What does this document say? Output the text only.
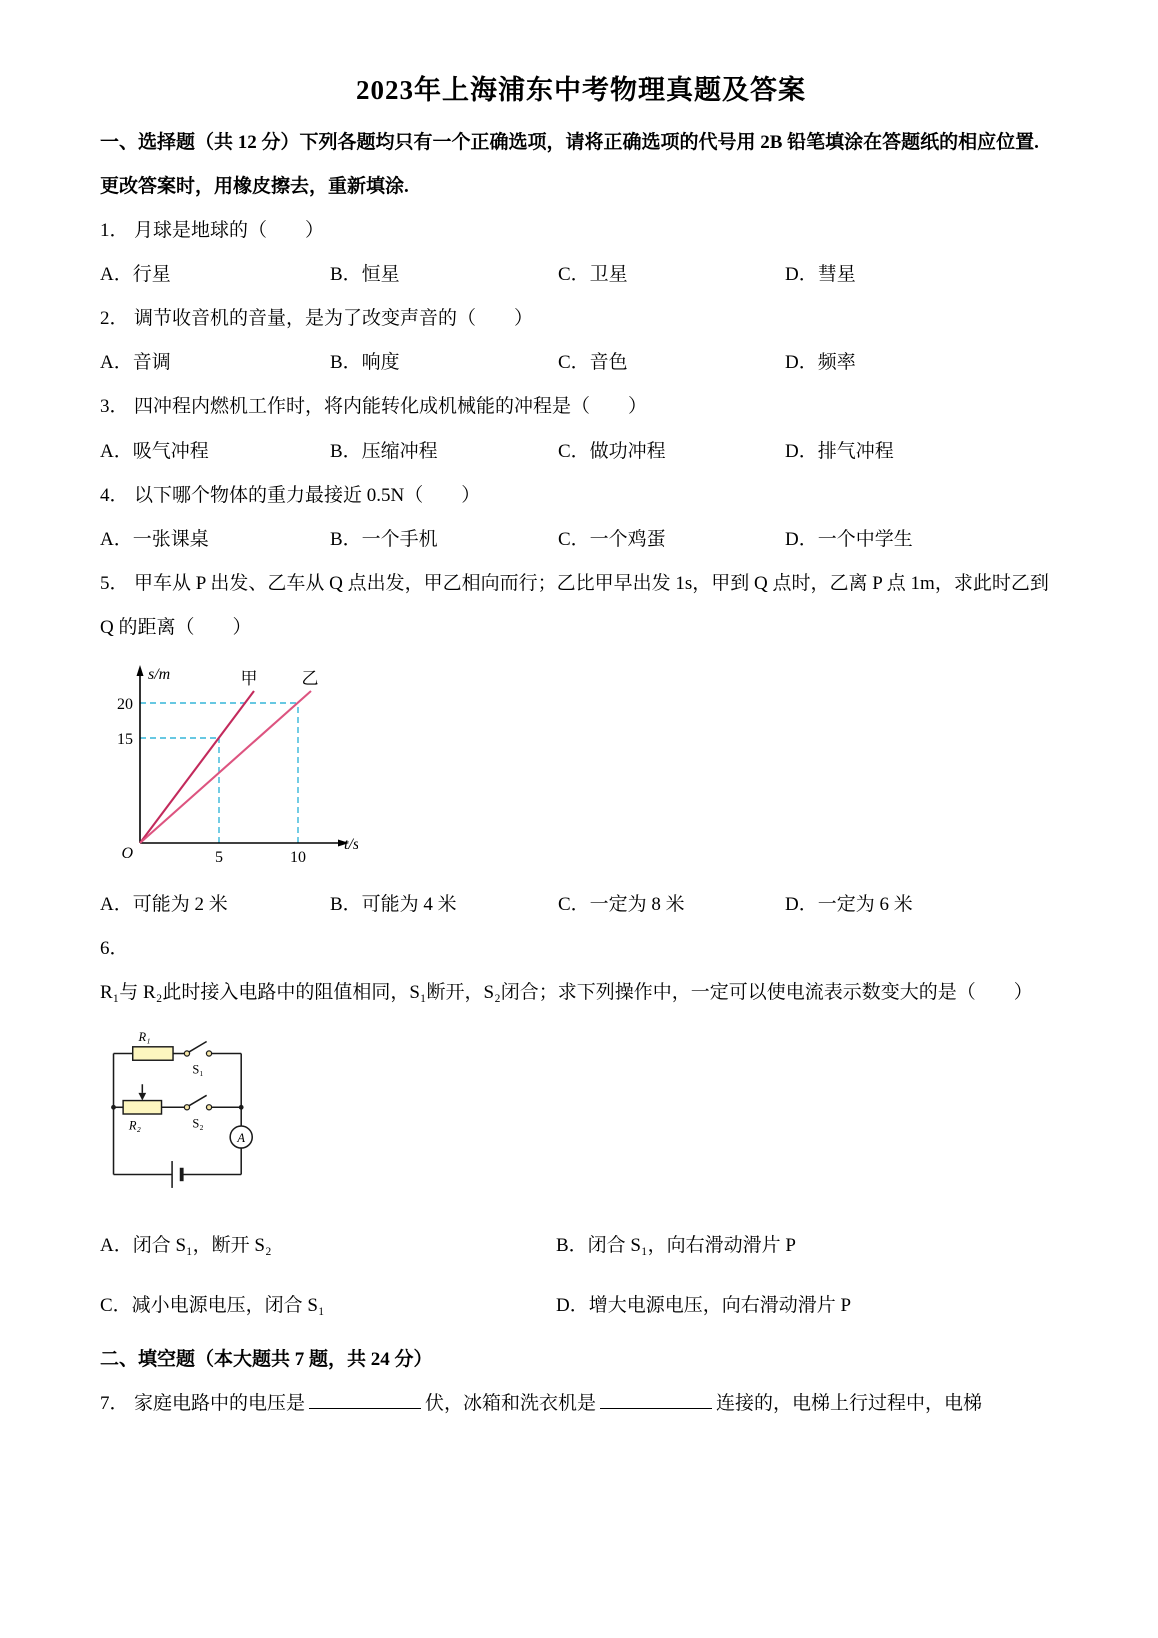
2023年上海浦东中考物理真题及答案

一、选择题（共 12 分）下列各题均只有一个正确选项，请将正确选项的代号用 2B 铅笔填涂在答题纸的相应位置. 更改答案时，用橡皮擦去，重新填涂.

1． 月球是地球的（　　）

A．行星	B．恒星	C．卫星	D．彗星

2． 调节收音机的音量，是为了改变声音的（　　）

A．音调	B．响度	C．音色	D．频率

3． 四冲程内燃机工作时，将内能转化成机械能的冲程是（　　）

A．吸气冲程	B．压缩冲程	C．做功冲程	D．排气冲程

4． 以下哪个物体的重力最接近 0.5N（　　）

A．一张课桌	B．一个手机	C．一个鸡蛋	D．一个中学生

5． 甲车从 P 出发、乙车从 Q 点出发，甲乙相向而行；乙比甲早出发 1s，甲到 Q 点时，乙离 P 点 1m，求此时乙到 Q 的距离（　　）

s/m
t/s
O
20
15
5	10
甲	乙
A．可能为 2 米	B．可能为 4 米	C．一定为 8 米	D．一定为 6 米

6．R₁与 R₂此时接入电路中的阻值相同，S₁断开，S₂闭合；求下列操作中，一定可以使电流表示数变大的是（　　）

R₁
S₁
R₂	S₂
A
A．闭合 S₁，断开 S₂	B．闭合 S₁，向右滑动滑片 P
C．减小电源电压，闭合 S₁	D．增大电源电压，向右滑动滑片 P

二、填空题（本大题共 7 题，共 24 分）

7． 家庭电路中的电压是	伏，冰箱和洗衣机是	连接的，电梯上行过程中，电梯
